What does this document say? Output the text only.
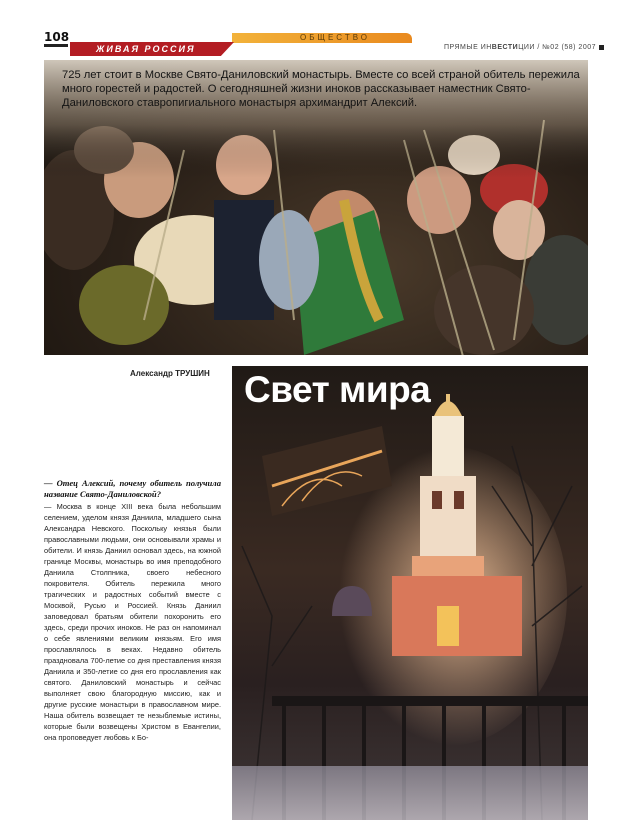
108	ОБЩЕСТВО
ЖИВАЯ РОССИЯ	ПРЯМЫЕ ИНВЕСТИЦИИ / №02 (58) 2007
725 лет стоит в Москве Свято-Даниловский монастырь. Вместе со всей страной обитель пережила много горестей и радостей. О сегодняшней жизни иноков рассказывает наместник Свято-Даниловского ставропигиального монастыря архимандрит Алексий.
Александр ТРУШИН
— Отец Алексий, почему обитель получила название Свято-Даниловской?

— Москва в конце XIII века была небольшим селением, уделом князя Даниила, младшего сына Александра Невского. Поскольку князья были православными людьми, они основывали храмы и обители. И князь Даниил основал здесь, на южной границе Москвы, монастырь во имя преподобного Даниила Столпника, своего небесного покровителя. Обитель пережила много трагических и радостных событий вместе с Москвой, Русью и Россией. Князь Даниил заповедовал братьям обители похоронить его здесь, среди прочих иноков. Не раз он напоминал о себе явлениями великим князьям. Его имя прославлялось в веках. Недавно обитель праздновала 700-летие со дня преставления князя Даниила и 350-летие со дня его прославления как святого. Даниловский монастырь и сейчас выполняет свою благородную миссию, как и другие русские монастыри в православном мире. Наша обитель возвещает те незыблемые истины, которые были возвещены Христом в Евангелии, она проповедует любовь к Бо-

Свет мира
